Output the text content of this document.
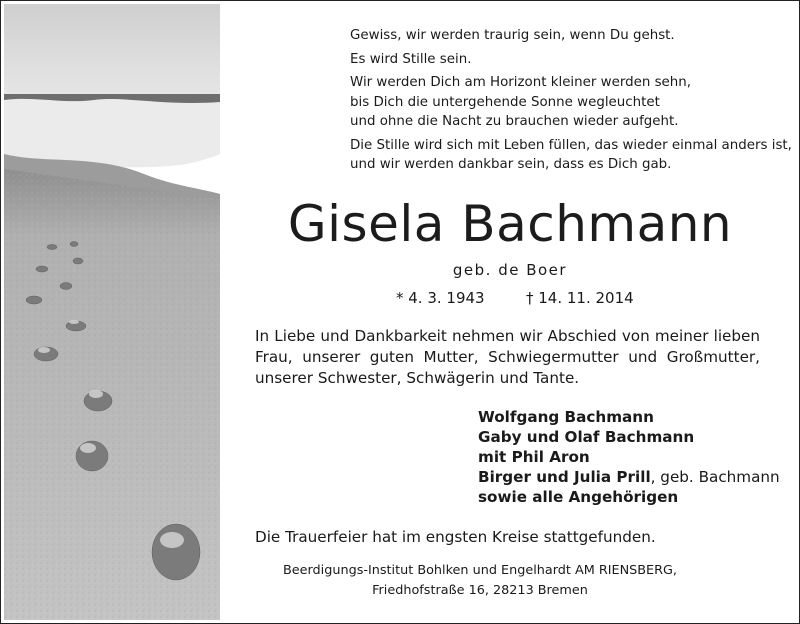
Gewiss, wir werden traurig sein, wenn Du gehst.
Es wird Stille sein.
Wir werden Dich am Horizont kleiner werden sehn,
bis Dich die untergehende Sonne wegleuchtet
und ohne die Nacht zu brauchen wieder aufgeht.
Die Stille wird sich mit Leben füllen, das wieder einmal anders ist,
und wir werden dankbar sein, dass es Dich gab.
Gisela Bachmann
geb. de Boer
* 4. 3. 1943	† 14. 11. 2014
In Liebe und Dankbarkeit nehmen wir Abschied von meiner lieben
Frau, unserer guten Mutter, Schwiegermutter und Großmutter,
unserer Schwester, Schwägerin und Tante.
Wolfgang Bachmann
Gaby und Olaf Bachmann
mit Phil Aron
Birger und Julia Prill, geb. Bachmann
sowie alle Angehörigen
Die Trauerfeier hat im engsten Kreise stattgefunden.
Beerdigungs-Institut Bohlken und Engelhardt AM RIENSBERG,
Friedhofstraße 16, 28213 Bremen
